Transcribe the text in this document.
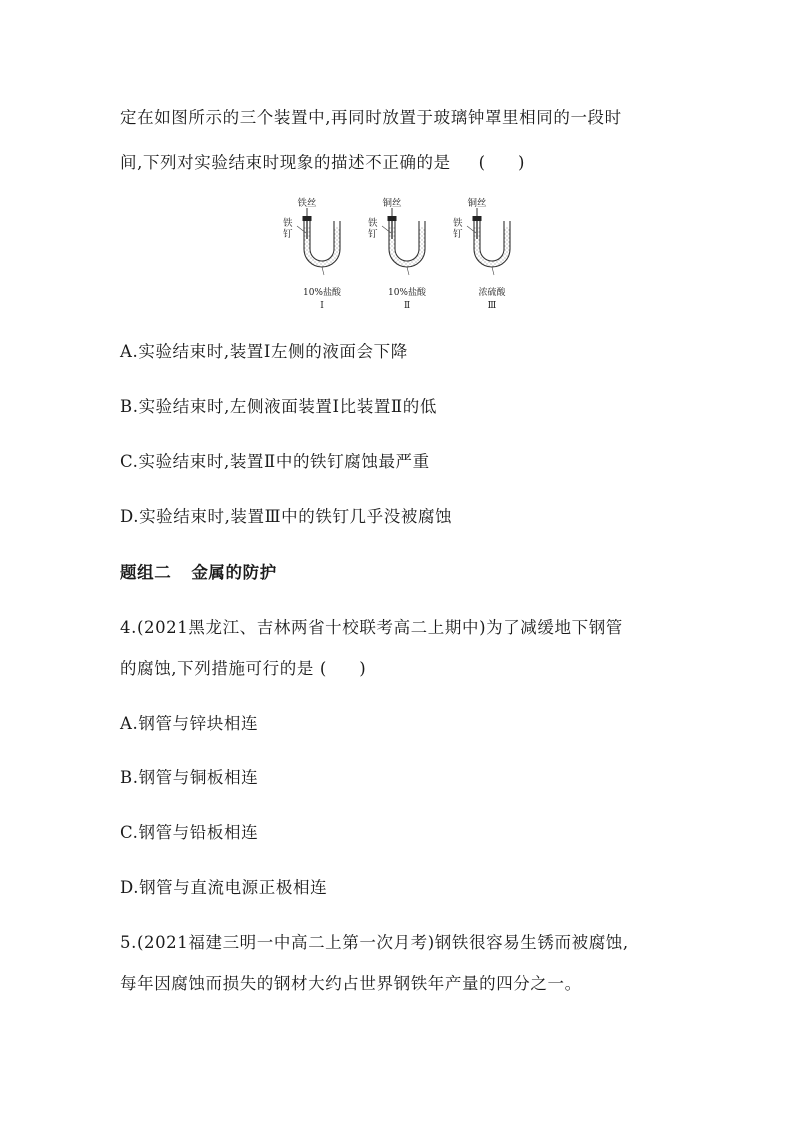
定在如图所示的三个装置中,再同时放置于玻璃钟罩里相同的一段时
间,下列对实验结束时现象的描述不正确的是 (　　)
铁丝
铁
钉
10%盐酸
Ⅰ
铜丝
铁
钉
10%盐酸
Ⅱ
铜丝
铁
钉
浓硫酸
Ⅲ
A.实验结束时,装置Ⅰ左侧的液面会下降
B.实验结束时,左侧液面装置Ⅰ比装置Ⅱ的低
C.实验结束时,装置Ⅱ中的铁钉腐蚀最严重
D.实验结束时,装置Ⅲ中的铁钉几乎没被腐蚀
题组二 金属的防护
4.(2021黑龙江、吉林两省十校联考高二上期中)为了减缓地下钢管
的腐蚀,下列措施可行的是 (　　)
A.钢管与锌块相连
B.钢管与铜板相连
C.钢管与铅板相连
D.钢管与直流电源正极相连
5.(2021福建三明一中高二上第一次月考)钢铁很容易生锈而被腐蚀,
每年因腐蚀而损失的钢材大约占世界钢铁年产量的四分之一。
